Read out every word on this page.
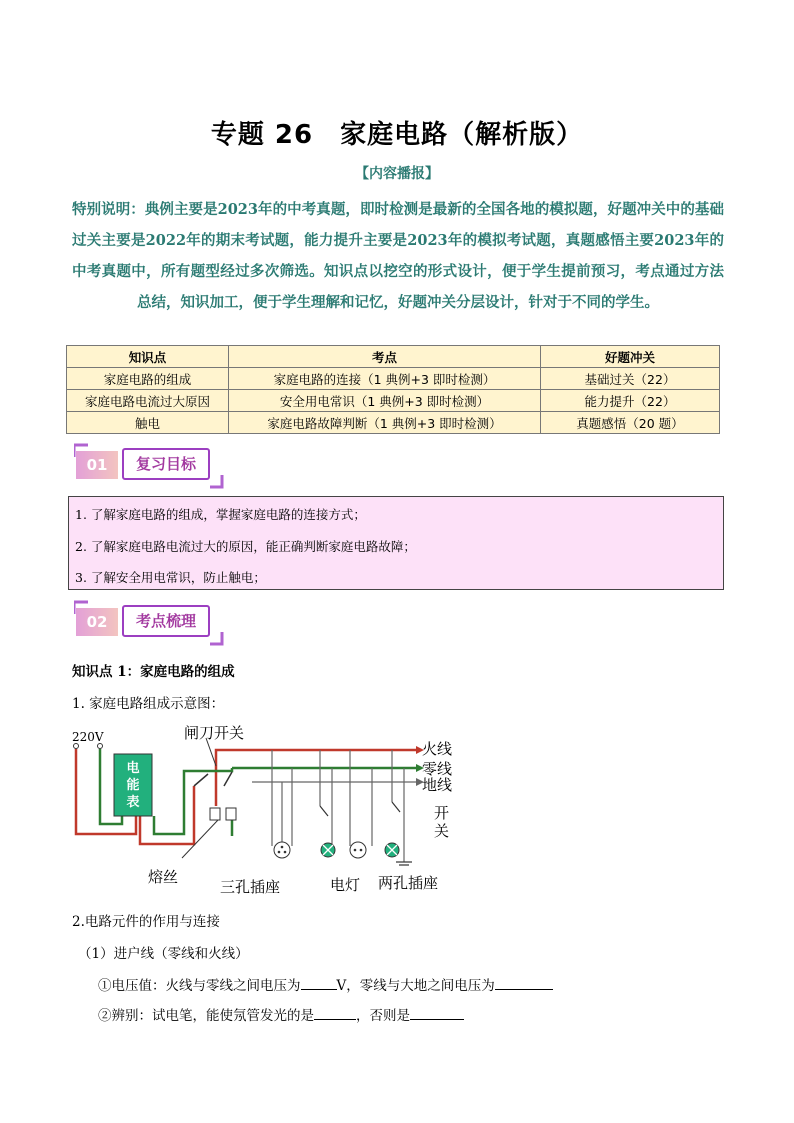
专题 26　家庭电路（解析版）
【内容播报】
特别说明：典例主要是2023年的中考真题，即时检测是最新的全国各地的模拟题，好题冲关中的基础过关主要是2022年的期末考试题，能力提升主要是2023年的模拟考试题，真题感悟主要2023年的中考真题中，所有题型经过多次筛选。知识点以挖空的形式设计，便于学生提前预习，考点通过方法总结，知识加工，便于学生理解和记忆，好题冲关分层设计，针对于不同的学生。
知识点	考点	好题冲关
家庭电路的组成	家庭电路的连接（1 典例+3 即时检测）	基础过关（22）
家庭电路电流过大原因	安全用电常识（1 典例+3 即时检测）	能力提升（22）
触电	家庭电路故障判断（1 典例+3 即时检测）	真题感悟（20 题）
01	复习目标
1. 了解家庭电路的组成，掌握家庭电路的连接方式；
2. 了解家庭电路电流过大的原因，能正确判断家庭电路故障；
3. 了解安全用电常识，防止触电；
02	考点梳理
知识点 1：家庭电路的组成
1. 家庭电路组成示意图：
220V
电
能
表
闸刀开关
火线
零线
地线
开
关
熔丝
三孔插座	电灯 两孔插座
2.电路元件的作用与连接
（1）进户线（零线和火线）
①电压值：火线与零线之间电压为	V，零线与大地之间电压为
②辨别：试电笔，能使氖管发光的是	，否则是
